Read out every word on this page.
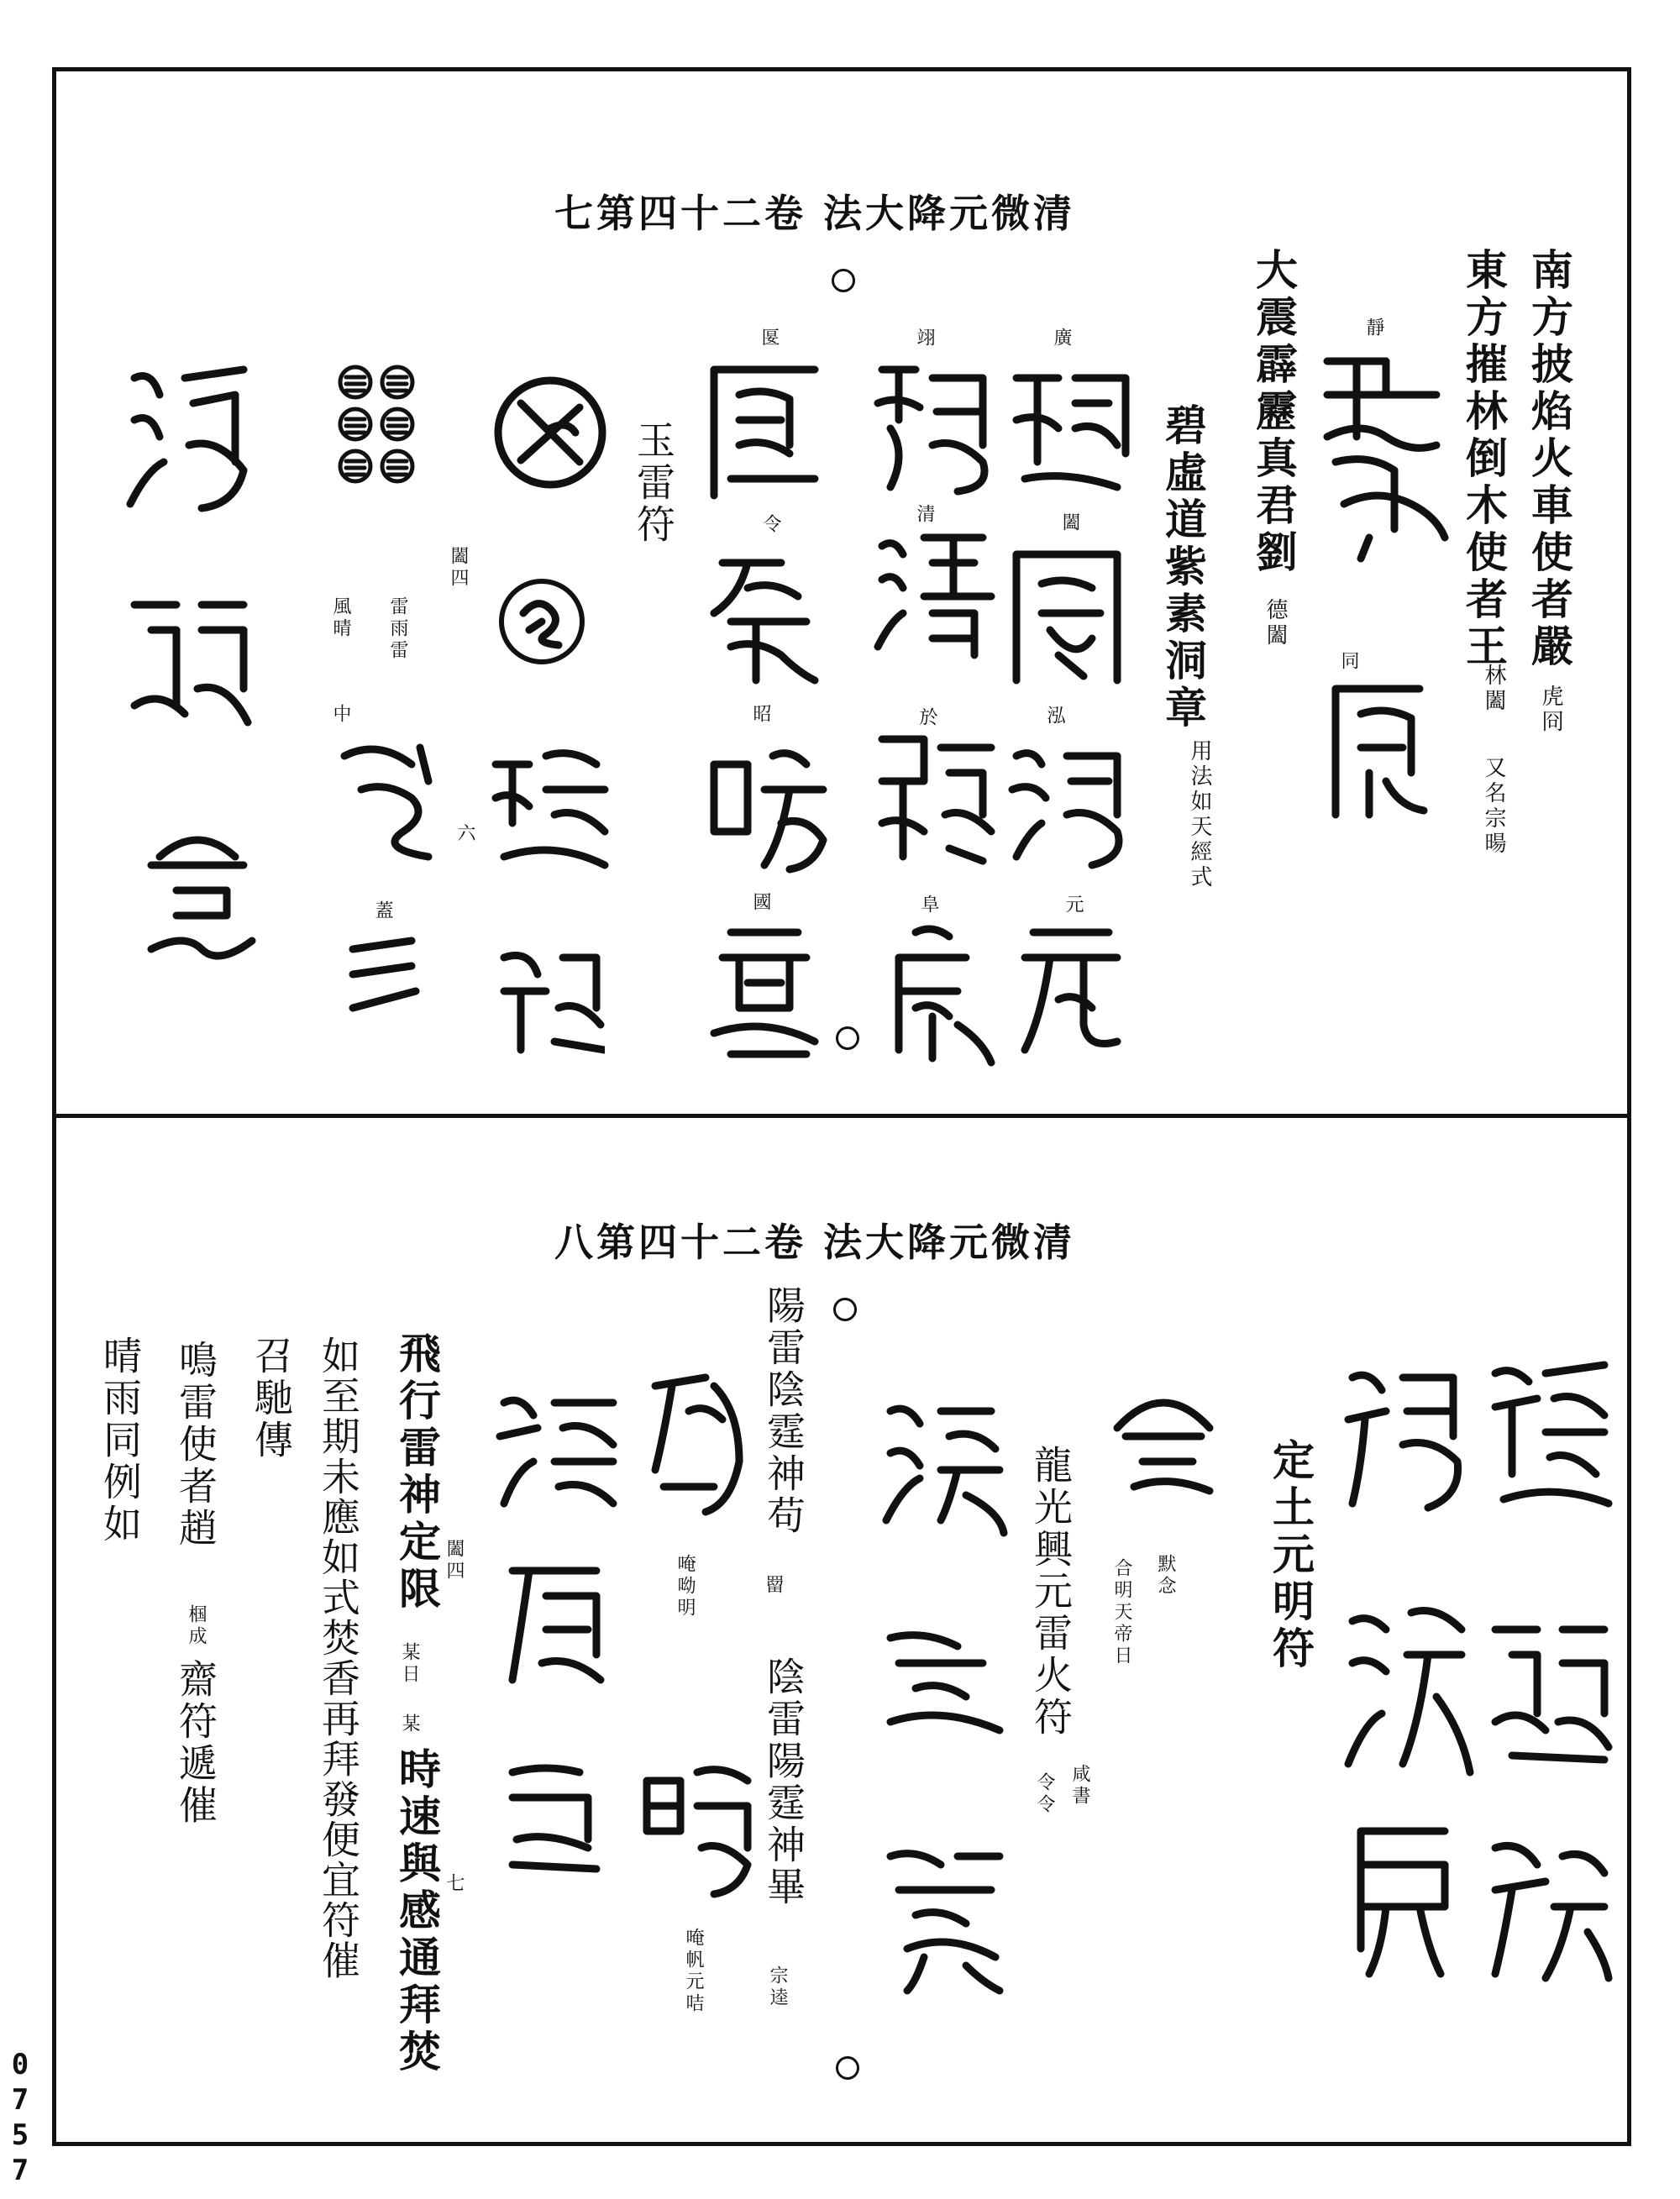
0757
七第四十二卷 法大降元微清
南方披焰火車使者嚴
虎冏
東方摧林倒木使者王
林闔
又名宗暘
大震霹靂真君劉
德闔
碧虛道紫素洞章
用法如天經式
玉雷符
靜
同
廣
闔
泓
元
翊
清
於
阜
匽
令
昭
國
闔四
六
中
蓋
雷雨雷
風晴
八第四十二卷 法大降元微清
定土元明符
默念
合明天帝日
龍光興元雷火符
咸書
令令
陽雷陰霆神苟
罶
陰雷陽霆神畢
宗逵
唵呦明
唵帆元咭
闔四
七
飛行雷神定限
某日
某
時速與感通拜焚
如至期未應如式焚香再拜發便宜符催
召馳傳
鳴雷使者趙
椢成
齋符遞催
晴雨同例如
